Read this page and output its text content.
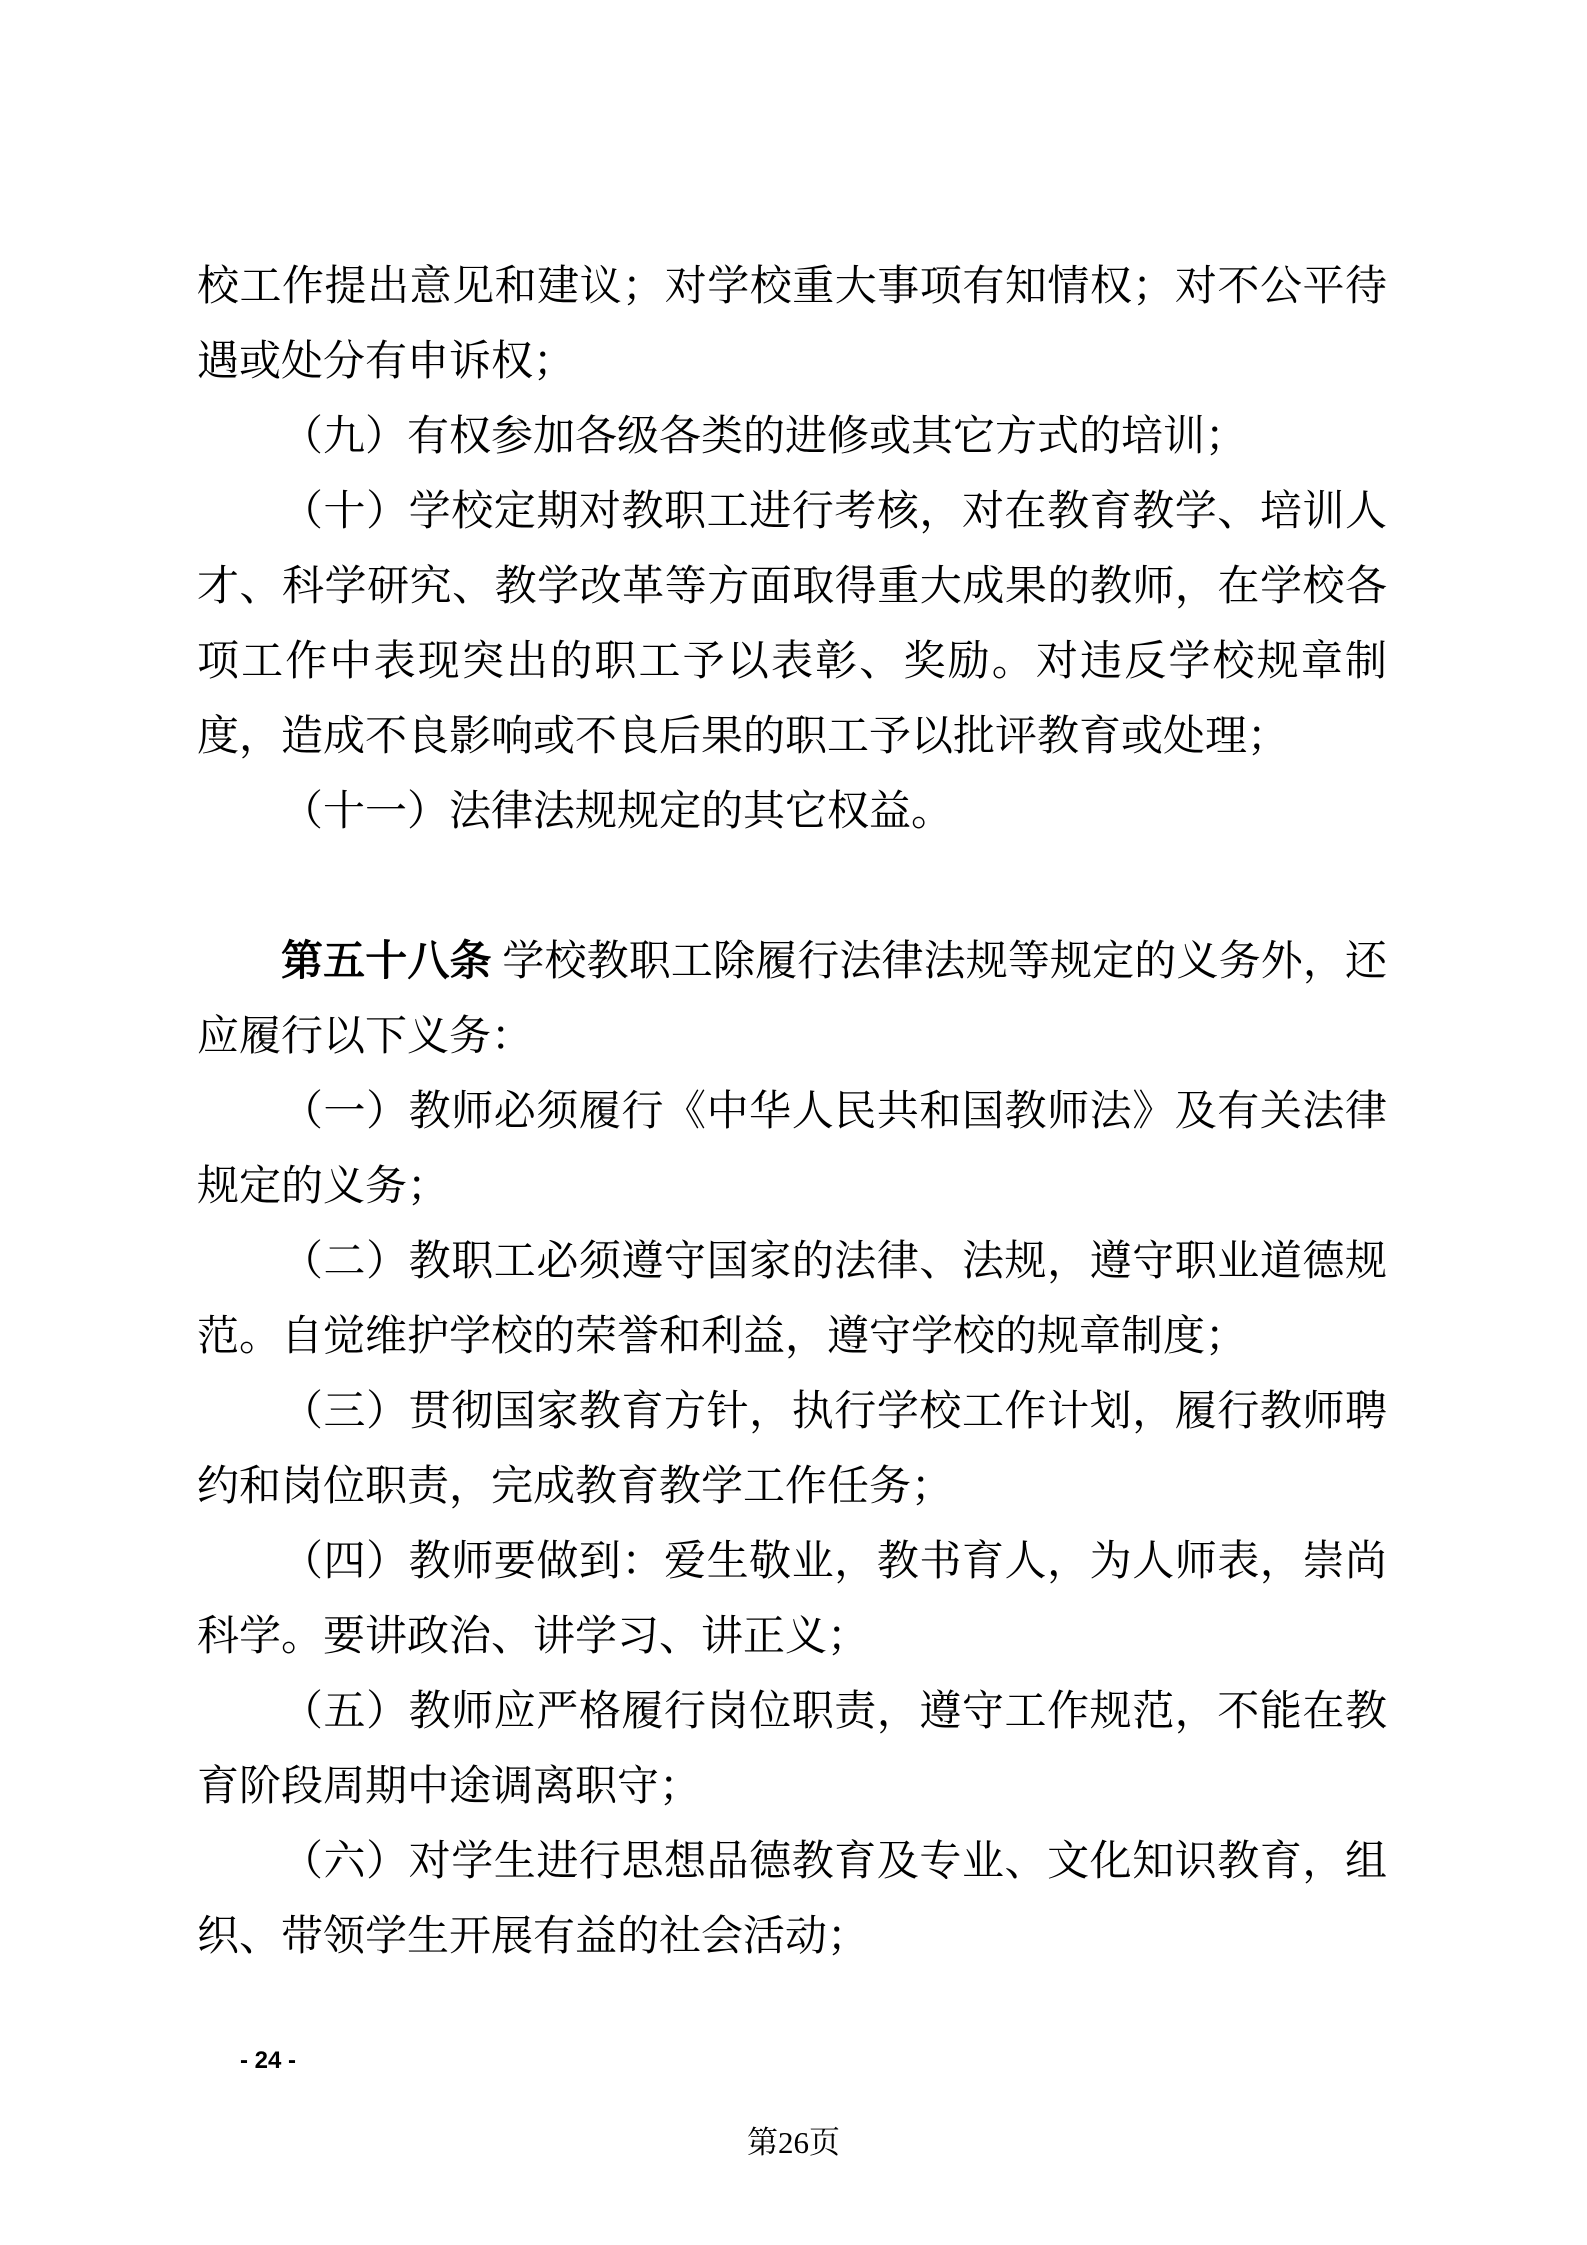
校工作提出意见和建议；对学校重大事项有知情权；对不公平待遇或处分有申诉权；

（九）有权参加各级各类的进修或其它方式的培训；

（十）学校定期对教职工进行考核，对在教育教学、培训人才、科学研究、教学改革等方面取得重大成果的教师，在学校各项工作中表现突出的职工予以表彰、奖励。对违反学校规章制度，造成不良影响或不良后果的职工予以批评教育或处理；

（十一）法律法规规定的其它权益。

第五十八条 学校教职工除履行法律法规等规定的义务外，还应履行以下义务：

（一）教师必须履行《中华人民共和国教师法》及有关法律规定的义务；

（二）教职工必须遵守国家的法律、法规，遵守职业道德规范。自觉维护学校的荣誉和利益，遵守学校的规章制度；

（三）贯彻国家教育方针，执行学校工作计划，履行教师聘约和岗位职责，完成教育教学工作任务；

（四）教师要做到：爱生敬业，教书育人，为人师表，崇尚科学。要讲政治、讲学习、讲正义；

（五）教师应严格履行岗位职责，遵守工作规范，不能在教育阶段周期中途调离职守；

（六）对学生进行思想品德教育及专业、文化知识教育，组织、带领学生开展有益的社会活动；

- 24 -
第26页
